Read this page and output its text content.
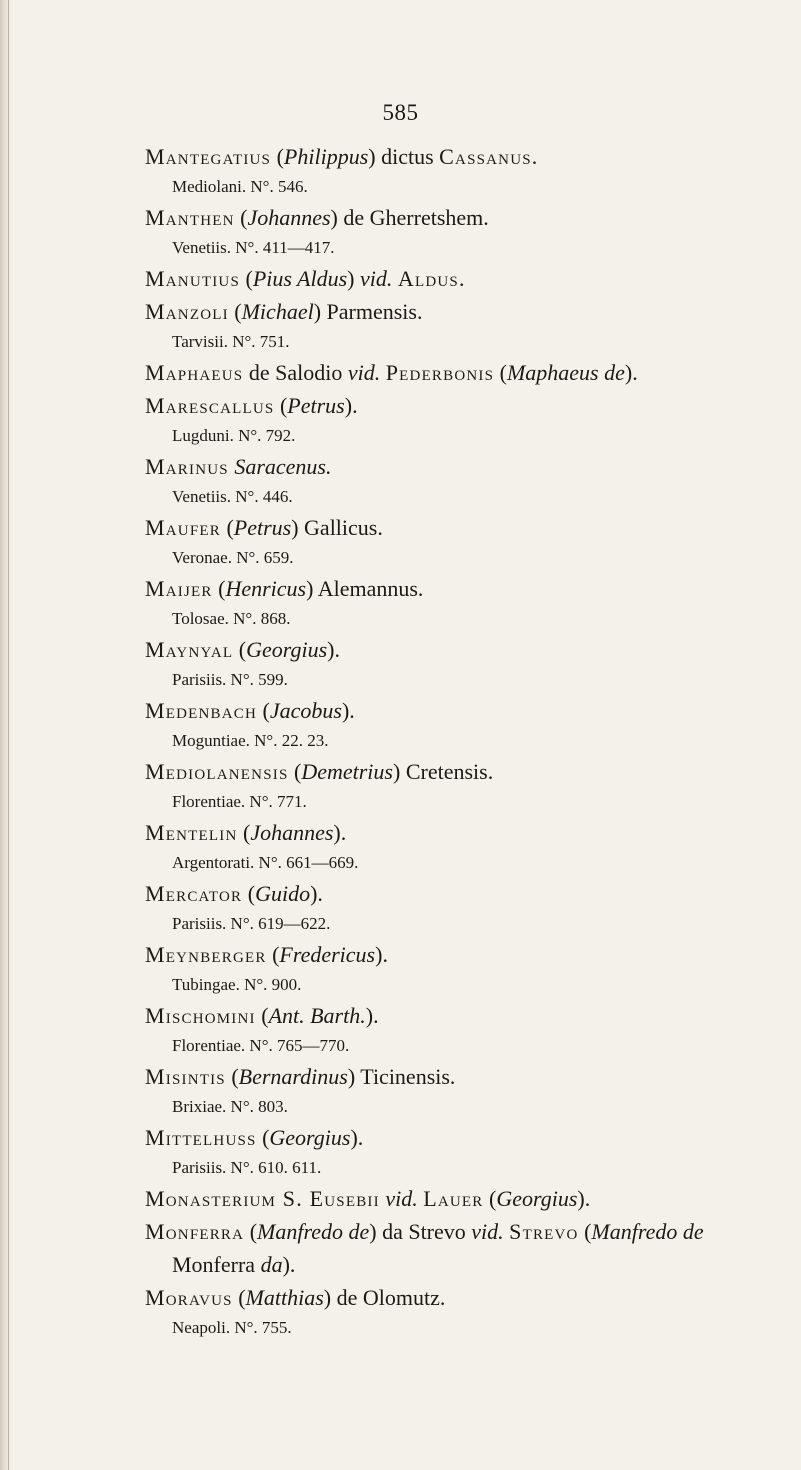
585
Mantegatius (Philippus) dictus Cassanus.
Mediolani. N°. 546.
Manthen (Johannes) de Gherretshem.
Venetiis. N°. 411—417.
Manutius (Pius Aldus) vid. Aldus.
Manzoli (Michael) Parmensis.
Tarvisii. N°. 751.
Maphaeus de Salodio vid. Pederbonis (Maphaeus de).
Marescallus (Petrus).
Lugduni. N°. 792.
Marinus Saracenus.
Venetiis. N°. 446.
Maufer (Petrus) Gallicus.
Veronae. N°. 659.
Maijer (Henricus) Alemannus.
Tolosae. N°. 868.
Maynyal (Georgius).
Parisiis. N°. 599.
Medenbach (Jacobus).
Moguntiae. N°. 22. 23.
Mediolanensis (Demetrius) Cretensis.
Florentiae. N°. 771.
Mentelin (Johannes).
Argentorati. N°. 661—669.
Mercator (Guido).
Parisiis. N°. 619—622.
Meynberger (Fredericus).
Tubingae. N°. 900.
Mischomini (Ant. Barth.).
Florentiae. N°. 765—770.
Misintis (Bernardinus) Ticinensis.
Brixiae. N°. 803.
Mittelhuss (Georgius).
Parisiis. N°. 610. 611.
Monasterium S. Eusebii vid. Lauer (Georgius).
Monferra (Manfredo de) da Strevo vid. Strevo (Manfredo de
Monferra da).
Moravus (Matthias) de Olomutz.
Neapoli. N°. 755.
